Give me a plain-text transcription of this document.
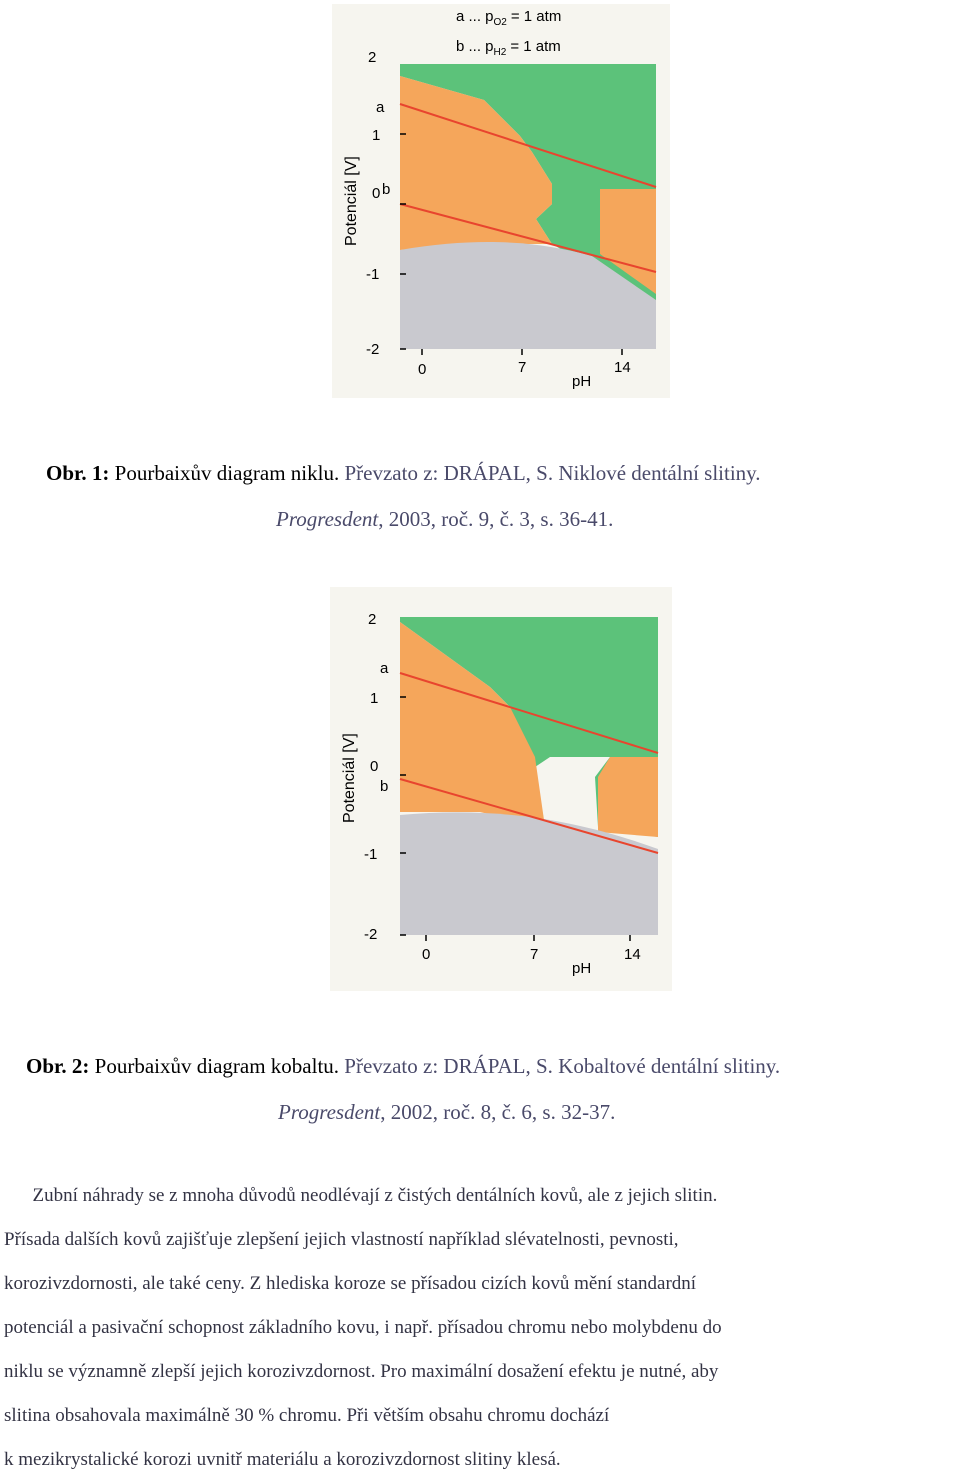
a ... $p_{O2} = 1$ atm
b ... $p_{H2} = 1$ atm
2
1
0
-1
-2
a
b
Potenciál [V]
0	7	14
pH
Obr. 1: Pourbaixův diagram niklu. Převzato z: DRÁPAL, S. Niklové dentální slitiny.
Progresdent, 2003, roč. 9, č. 3, s. 36-41.
2
1
0
-1
-2
a
b
Potenciál [V]
0	7	14
pH
Obr. 2: Pourbaixův diagram kobaltu. Převzato z: DRÁPAL, S. Kobaltové dentální slitiny.
Progresdent, 2002, roč. 8, č. 6, s. 32-37.
Zubní náhrady se z mnoha důvodů neodlévají z čistých dentálních kovů, ale z jejich slitin.
Přísada dalších kovů zajišťuje zlepšení jejich vlastností například slévatelnosti, pevnosti,
korozivzdornosti, ale také ceny. Z hlediska koroze se přísadou cizích kovů mění standardní
potenciál a pasivační schopnost základního kovu, i např. přísadou chromu nebo molybdenu do
niklu se významně zlepší jejich korozivzdornost. Pro maximální dosažení efektu je nutné, aby
slitina obsahovala maximálně 30 % chromu. Při větším obsahu chromu dochází
k mezikrystalické korozi uvnitř materiálu a korozivzdornost slitiny klesá.
